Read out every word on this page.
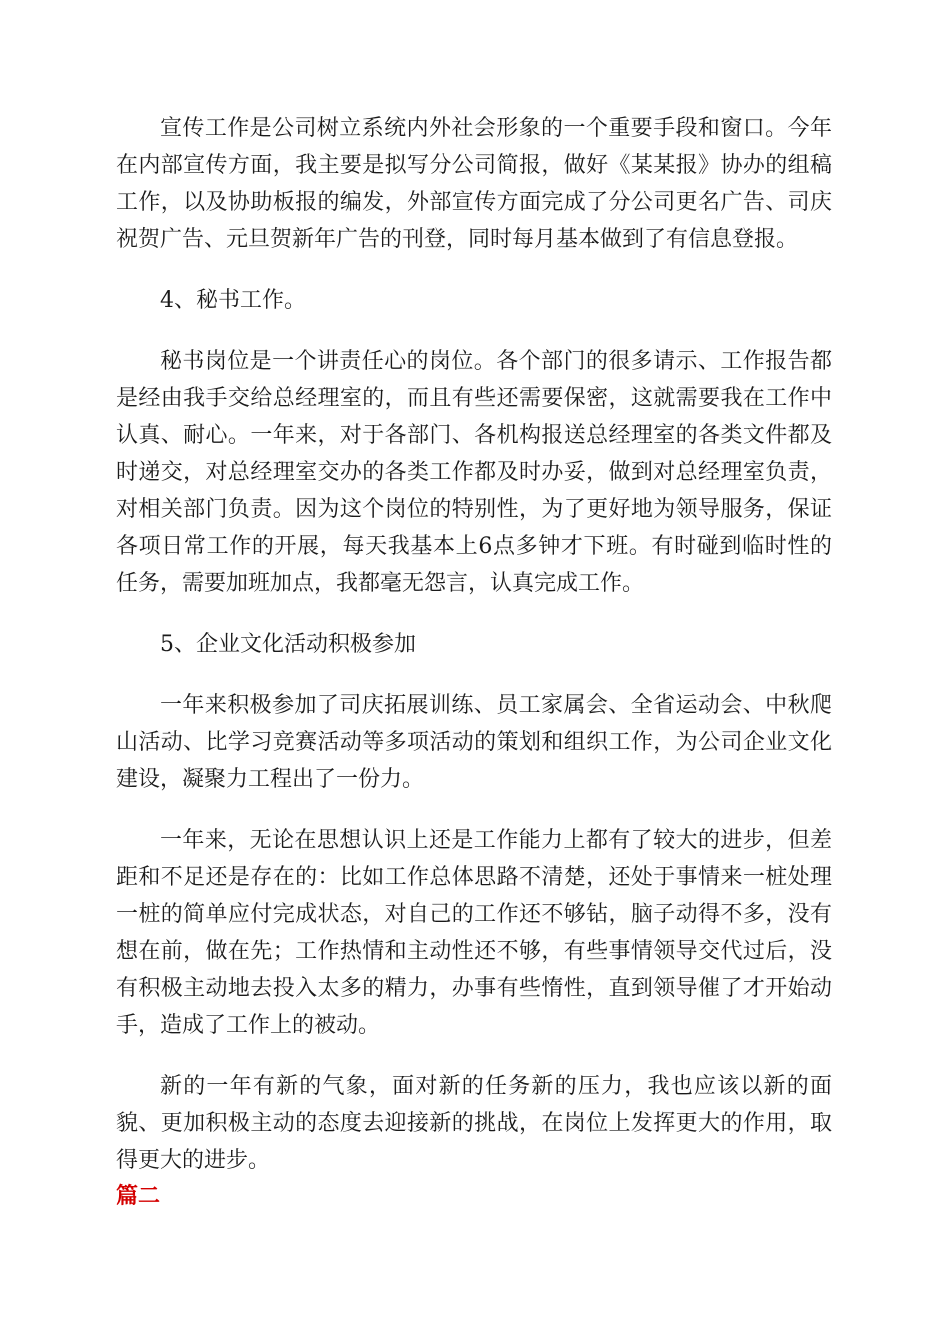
宣传工作是公司树立系统内外社会形象的一个重要手段和窗口。今年在内部宣传方面，我主要是拟写分公司简报，做好《某某报》协办的组稿工作，以及协助板报的编发，外部宣传方面完成了分公司更名广告、司庆祝贺广告、元旦贺新年广告的刊登，同时每月基本做到了有信息登报。

4、秘书工作。

秘书岗位是一个讲责任心的岗位。各个部门的很多请示、工作报告都是经由我手交给总经理室的，而且有些还需要保密，这就需要我在工作中认真、耐心。一年来，对于各部门、各机构报送总经理室的各类文件都及时递交，对总经理室交办的各类工作都及时办妥，做到对总经理室负责，对相关部门负责。因为这个岗位的特别性，为了更好地为领导服务，保证各项日常工作的开展，每天我基本上6点多钟才下班。有时碰到临时性的任务，需要加班加点，我都毫无怨言，认真完成工作。

5、企业文化活动积极参加

一年来积极参加了司庆拓展训练、员工家属会、全省运动会、中秋爬山活动、比学习竞赛活动等多项活动的策划和组织工作，为公司企业文化建设，凝聚力工程出了一份力。

一年来，无论在思想认识上还是工作能力上都有了较大的进步，但差距和不足还是存在的：比如工作总体思路不清楚，还处于事情来一桩处理一桩的简单应付完成状态，对自己的工作还不够钻，脑子动得不多，没有想在前，做在先；工作热情和主动性还不够，有些事情领导交代过后，没有积极主动地去投入太多的精力，办事有些惰性，直到领导催了才开始动手，造成了工作上的被动。

新的一年有新的气象，面对新的任务新的压力，我也应该以新的面貌、更加积极主动的态度去迎接新的挑战，在岗位上发挥更大的作用，取得更大的进步。

篇二
